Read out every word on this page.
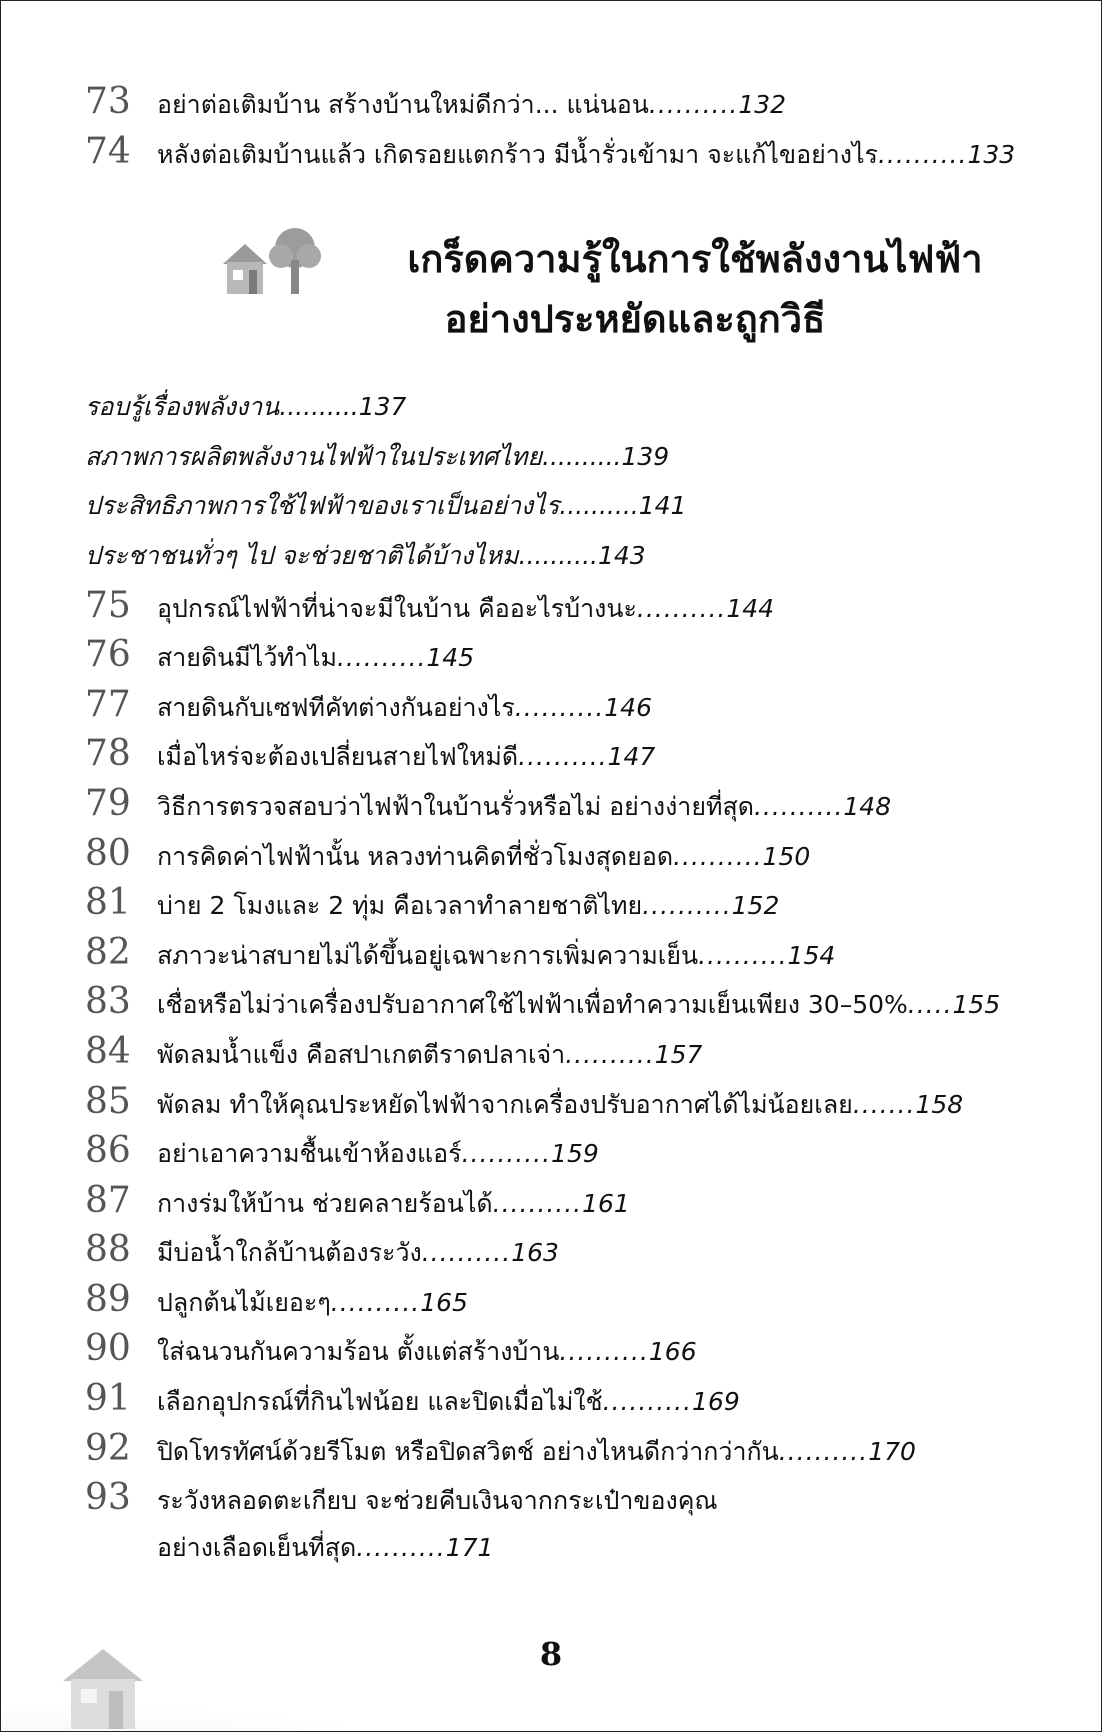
73	อย่าต่อเติมบ้าน สร้างบ้านใหม่ดีกว่า... แน่นอน .......... 132
74	หลังต่อเติมบ้านแล้ว เกิดรอยแตกร้าว มีน้ำรั่วเข้ามา จะแก้ไขอย่างไร .......... 133
เกร็ดความรู้ในการใช้พลังงานไฟฟ้า
อย่างประหยัดและถูกวิธี
รอบรู้เรื่องพลังงาน..........137
สภาพการผลิตพลังงานไฟฟ้าในประเทศไทย..........139
ประสิทธิภาพการใช้ไฟฟ้าของเราเป็นอย่างไร..........141
ประชาชนทั่วๆ ไป จะช่วยชาติได้บ้างไหม..........143
75	อุปกรณ์ไฟฟ้าที่น่าจะมีในบ้าน คืออะไรบ้างนะ .......... 144
76	สายดินมีไว้ทำไม .......... 145
77	สายดินกับเซฟทีคัทต่างกันอย่างไร .......... 146
78	เมื่อไหร่จะต้องเปลี่ยนสายไฟใหม่ดี .......... 147
79	วิธีการตรวจสอบว่าไฟฟ้าในบ้านรั่วหรือไม่ อย่างง่ายที่สุด .......... 148
80	การคิดค่าไฟฟ้านั้น หลวงท่านคิดที่ชั่วโมงสุดยอด .......... 150
81	บ่าย 2 โมงและ 2 ทุ่ม คือเวลาทำลายชาติไทย .......... 152
82	สภาวะน่าสบายไม่ได้ขึ้นอยู่เฉพาะการเพิ่มความเย็น .......... 154
83	เชื่อหรือไม่ว่าเครื่องปรับอากาศใช้ไฟฟ้าเพื่อทำความเย็นเพียง 30–50% ..... 155
84	พัดลมน้ำแข็ง คือสปาเกตตีราดปลาเจ่า .......... 157
85	พัดลม ทำให้คุณประหยัดไฟฟ้าจากเครื่องปรับอากาศได้ไม่น้อยเลย ....... 158
86	อย่าเอาความชื้นเข้าห้องแอร์ .......... 159
87	กางร่มให้บ้าน ช่วยคลายร้อนได้ .......... 161
88	มีบ่อน้ำใกล้บ้านต้องระวัง .......... 163
89	ปลูกต้นไม้เยอะๆ .......... 165
90	ใส่ฉนวนกันความร้อน ตั้งแต่สร้างบ้าน .......... 166
91	เลือกอุปกรณ์ที่กินไฟน้อย และปิดเมื่อไม่ใช้ .......... 169
92	ปิดโทรทัศน์ด้วยรีโมต หรือปิดสวิตช์ อย่างไหนดีกว่ากว่ากัน .......... 170
93	ระวังหลอดตะเกียบ จะช่วยคีบเงินจากกระเป๋าของคุณ
อย่างเลือดเย็นที่สุด .......... 171
8
